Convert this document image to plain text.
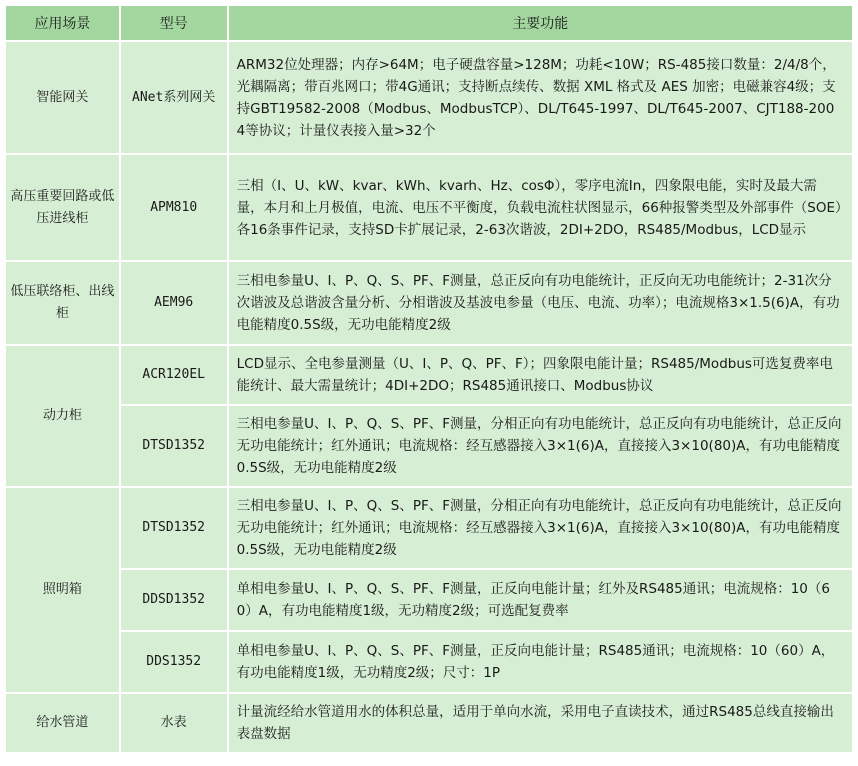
应用场景	型号	主要功能
智能网关	ANet系列网关	ARM32位处理器；内存>64M；电子硬盘容量>128M；功耗<10W；RS-485接口数量：2/4/8个，光耦隔离；带百兆网口；带4G通讯；支持断点续传、数据 XML 格式及 AES 加密；电磁兼容4级；支持GBT19582-2008（Modbus、ModbusTCP）、DL/T645-1997、DL/T645-2007、CJT188-2004等协议；计量仪表接入量>32个
高压重要回路或低压进线柜	APM810	三相（I、U、kW、kvar、kWh、kvarh、Hz、cosΦ），零序电流In，四象限电能，实时及最大需量，本月和上月极值，电流、电压不平衡度，负载电流柱状图显示，66种报警类型及外部事件（SOE）各16条事件记录，支持SD卡扩展记录，2-63次谐波，2DI+2DO，RS485/Modbus，LCD显示
低压联络柜、出线柜	AEM96	三相电参量U、I、P、Q、S、PF、F测量，总正反向有功电能统计，正反向无功电能统计；2-31次分次谐波及总谐波含量分析、分相谐波及基波电参量（电压、电流、功率）；电流规格3×1.5(6)A，有功电能精度0.5S级，无功电能精度2级
动力柜	ACR120EL	LCD显示、全电参量测量（U、I、P、Q、PF、F）；四象限电能计量；RS485/Modbus可选复费率电能统计、最大需量统计；4DI+2DO；RS485通讯接口、Modbus协议
	DTSD1352	三相电参量U、I、P、Q、S、PF、F测量，分相正向有功电能统计，总正反向有功电能统计，总正反向无功电能统计；红外通讯；电流规格：经互感器接入3×1(6)A，直接接入3×10(80)A，有功电能精度0.5S级，无功电能精度2级
照明箱	DTSD1352	三相电参量U、I、P、Q、S、PF、F测量，分相正向有功电能统计，总正反向有功电能统计，总正反向无功电能统计；红外通讯；电流规格：经互感器接入3×1(6)A，直接接入3×10(80)A，有功电能精度0.5S级，无功电能精度2级
	DDSD1352	单相电参量U、I、P、Q、S、PF、F测量，正反向电能计量；红外及RS485通讯；电流规格：10（60）A，有功电能精度1级，无功精度2级；可选配复费率
	DDS1352	单相电参量U、I、P、Q、S、PF、F测量，正反向电能计量；RS485通讯；电流规格：10（60）A，有功电能精度1级，无功精度2级；尺寸：1P
给水管道	水表	计量流经给水管道用水的体积总量，适用于单向水流，采用电子直读技术，通过RS485总线直接输出表盘数据
